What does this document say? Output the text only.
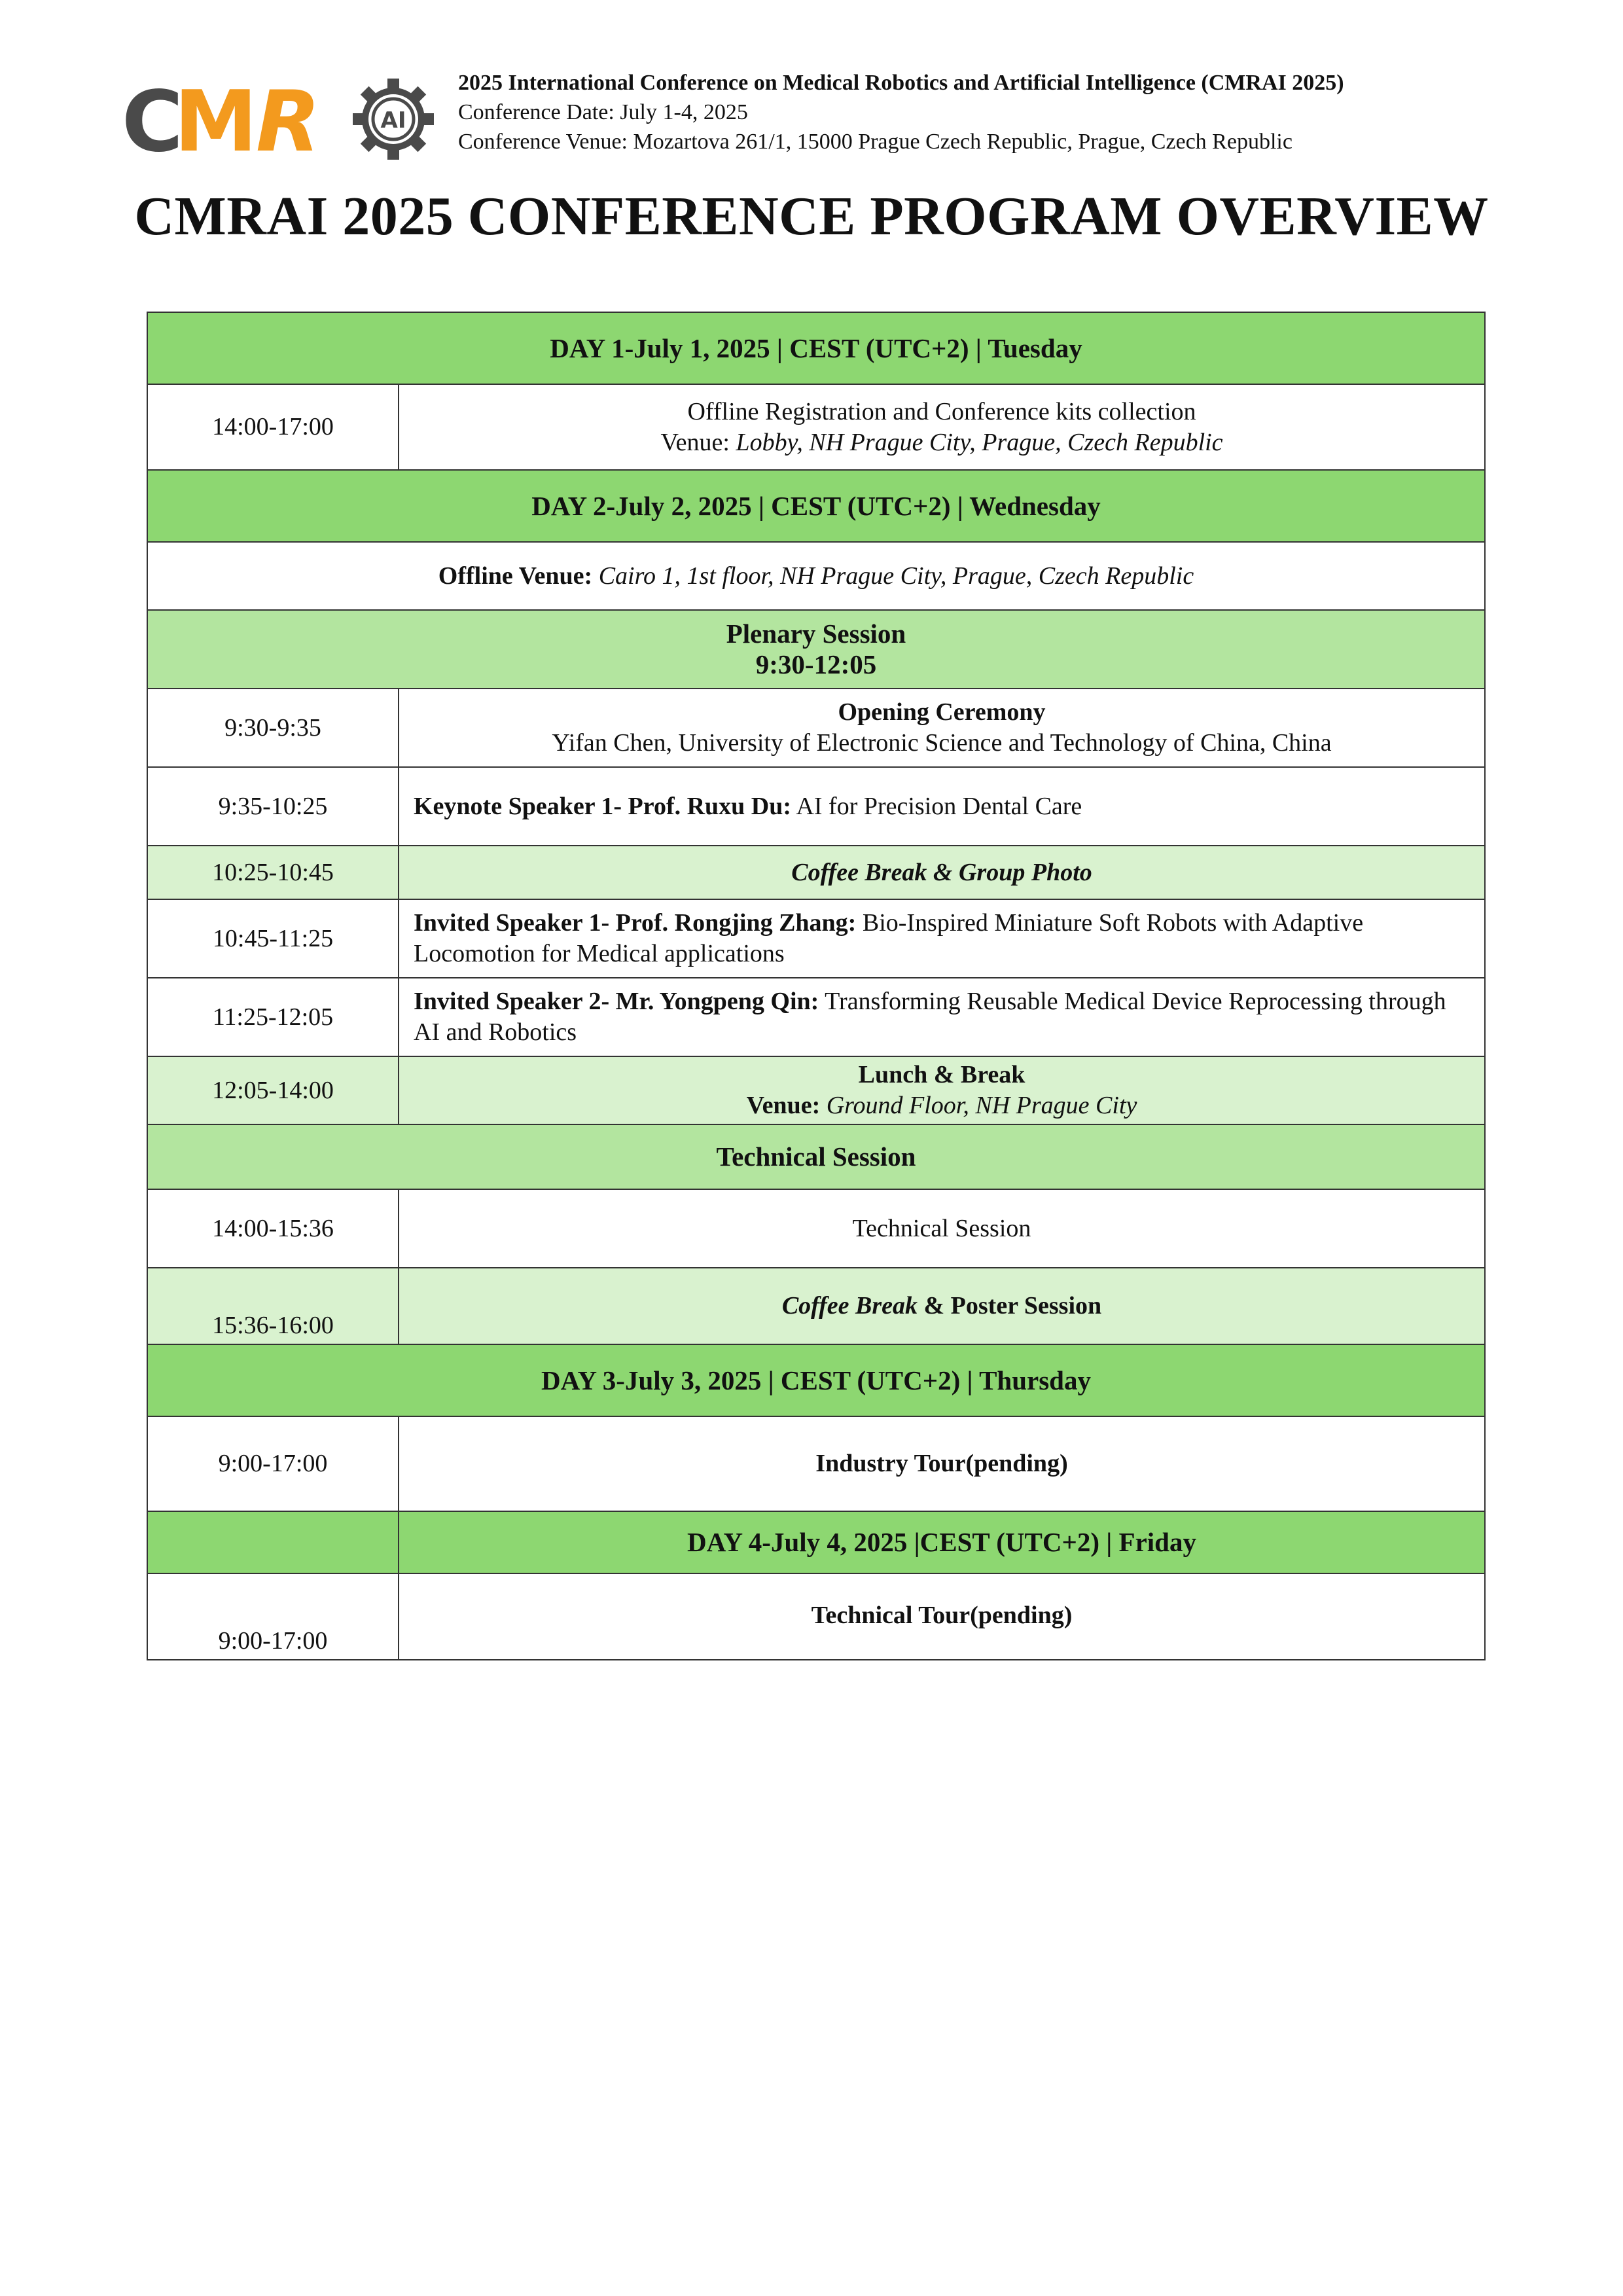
C
M
R	AI
2025 International Conference on Medical Robotics and Artificial Intelligence (CMRAI 2025)
Conference Date: July 1-4, 2025
Conference Venue: Mozartova 261/1, 15000 Prague Czech Republic, Prague, Czech Republic
CMRAI 2025 CONFERENCE PROGRAM OVERVIEW
DAY 1-July 1, 2025 | CEST (UTC+2) | Tuesday	
14:00-17:00	Offline Registration and Conference kits collection
Venue: Lobby, NH Prague City, Prague, Czech Republic

DAY 2-July 2, 2025 | CEST (UTC+2) | Wednesday	
Offline Venue: Cairo 1, 1st floor, NH Prague City, Prague, Czech Republic	

Plenary Session
9:30-12:05	

9:30-9:35	Opening Ceremony
Yifan Chen, University of Electronic Science and Technology of China, China

9:35-10:25	Keynote Speaker 1- Prof. Ruxu Du: AI for Precision Dental Care
10:25-10:45	Coffee Break & Group Photo
10:45-11:25	Invited Speaker 1- Prof. Rongjing Zhang: Bio-Inspired Miniature Soft Robots with Adaptive Locomotion for Medical applications
11:25-12:05	Invited Speaker 2- Mr. Yongpeng Qin: Transforming Reusable Medical Device Reprocessing through AI and Robotics
12:05-14:00	Lunch & Break
Venue: Ground Floor, NH Prague City

Technical Session	
14:00-15:36	Technical Session
15:36-16:00	Coffee Break & Poster Session
DAY 3-July 3, 2025 | CEST (UTC+2) | Thursday	
9:00-17:00	Industry Tour(pending)
	DAY 4-July 4, 2025 |CEST (UTC+2) | Friday
9:00-17:00	Technical Tour(pending)
